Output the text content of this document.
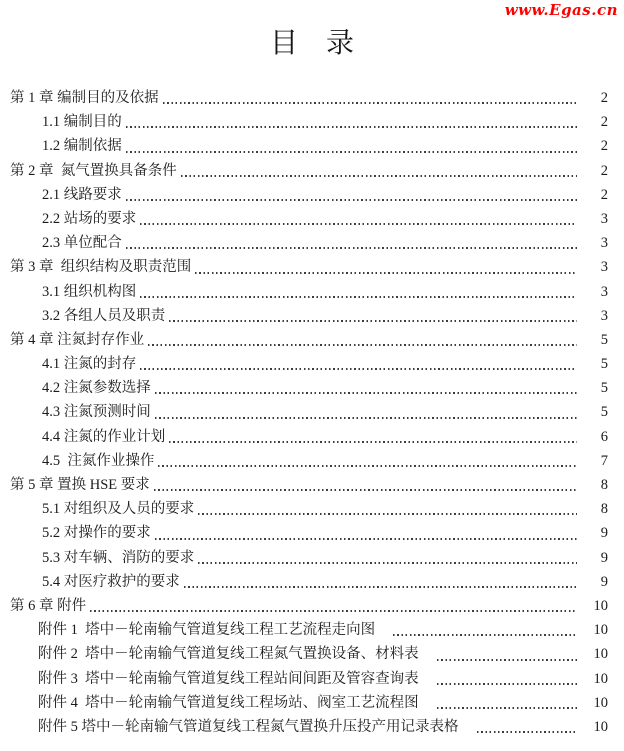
www.Egas.cn
目　录
第 1 章 编制目的及依据	2
1.1 编制目的	2
1.2 编制依据	2
第 2 章  氮气置换具备条件	2
2.1 线路要求	2
2.2 站场的要求	3
2.3 单位配合	3
第 3 章  组织结构及职责范围	3
3.1 组织机构图	3
3.2 各组人员及职责	3
第 4 章 注氮封存作业	5
4.1 注氮的封存	5
4.2 注氮参数选择	5
4.3 注氮预测时间	5
4.4 注氮的作业计划	6
4.5  注氮作业操作	7
第 5 章 置换 HSE 要求	8
5.1 对组织及人员的要求	8
5.2 对操作的要求	9
5.3 对车辆、消防的要求	9
5.4 对医疗救护的要求	9
第 6 章 附件	10
附件 1  塔中－轮南输气管道复线工程工艺流程走向图	10
附件 2  塔中－轮南输气管道复线工程氮气置换设备、材料表	10
附件 3  塔中－轮南输气管道复线工程站间间距及管容查询表	10
附件 4  塔中－轮南输气管道复线工程场站、阀室工艺流程图	10
附件 5 塔中－轮南输气管道复线工程氮气置换升压投产用记录表格	10
